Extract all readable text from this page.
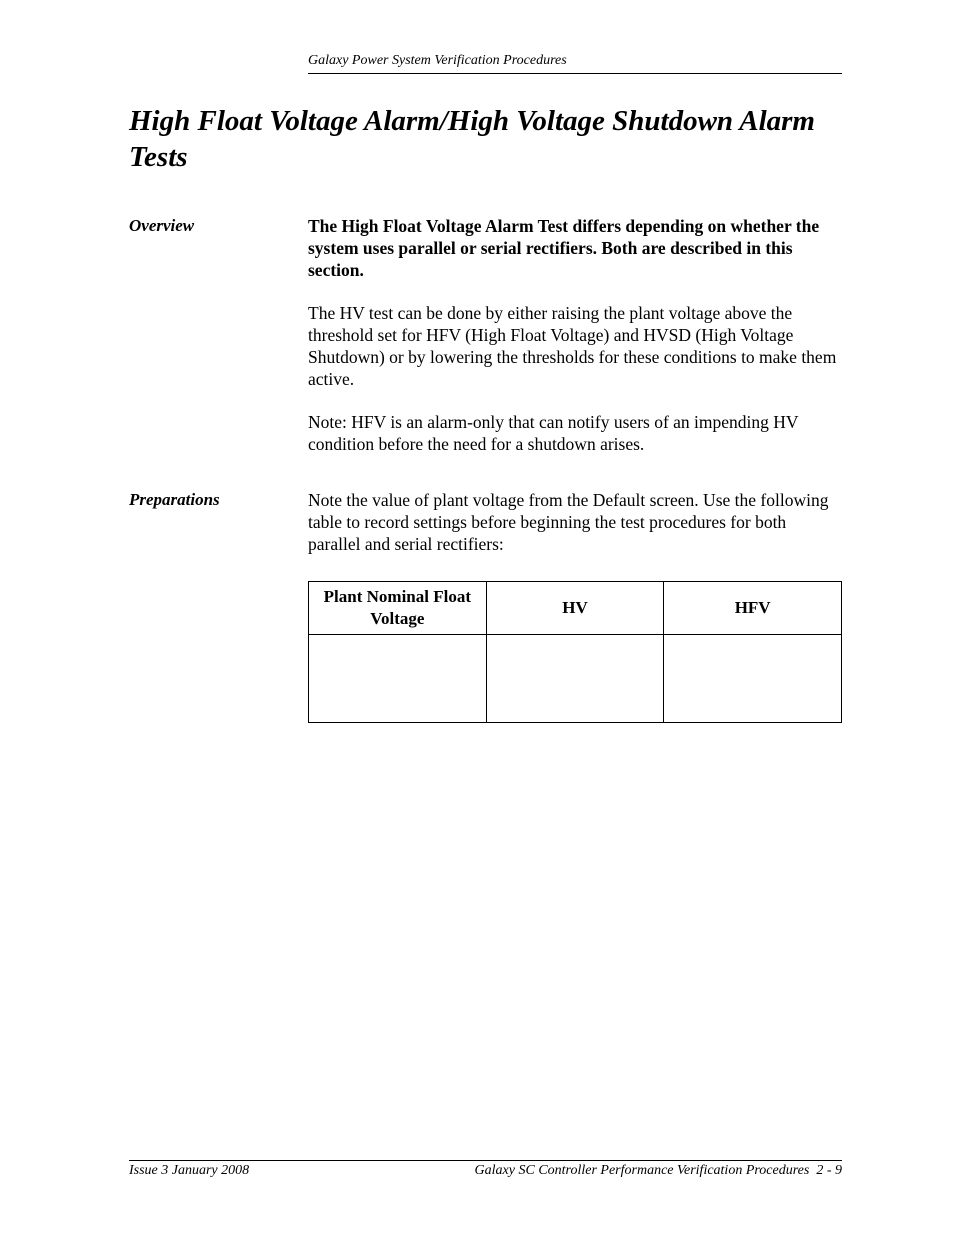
Galaxy Power System Verification Procedures
High Float Voltage Alarm/High Voltage Shutdown Alarm Tests
Overview	The High Float Voltage Alarm Test differs depending on whether the system uses parallel or serial rectifiers. Both are described in this section.

The HV test can be done by either raising the plant voltage above the threshold set for HFV (High Float Voltage) and HVSD (High Voltage Shutdown) or by lowering the thresholds for these conditions to make them active.

Note: HFV is an alarm-only that can notify users of an impending HV condition before the need for a shutdown arises.

Preparations	Note the value of plant voltage from the Default screen. Use the following table to record settings before beginning the test procedures for both parallel and serial rectifiers:

Plant Nominal Float Voltage	HV	HFV

Issue 3 January 2008	Galaxy SC Controller Performance Verification Procedures  2 - 9
